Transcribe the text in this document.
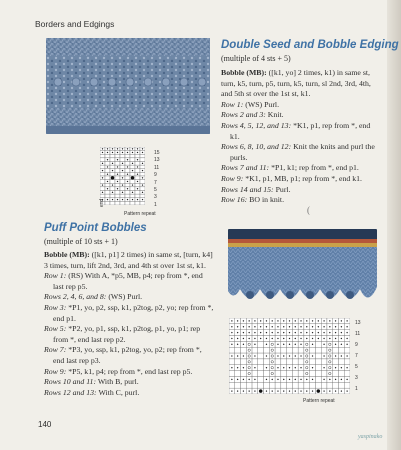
Borders and Edgings
15
13
11
9
7
5
3
1
end
Pattern repeat
Double Seed and Bobble Edging
(multiple of 4 sts + 5)

Bobble (MB): ([k1, yo] 2 times, k1) in same st, turn, k5, turn, p5, turn, k5, turn, sl 2nd, 3rd, 4th, and 5th st over the 1st st, k1.

Row 1: (WS) Purl.

Rows 2 and 3: Knit.

Rows 4, 5, 12, and 13: *K1, p1, rep from *, end k1.

Rows 6, 8, 10, and 12: Knit the knits and purl the purls.

Rows 7 and 11: *P1, k1; rep from *, end p1.

Row 9: *K1, p1, MB, p1; rep from *, end k1.

Rows 14 and 15: Purl.

Row 16: BO in knit.

Puff Point Bobbles
(multiple of 10 sts + 1)

Bobble (MB): ([k1, p1] 2 times) in same st, [turn, k4] 3 times, turn, lift 2nd, 3rd, and 4th st over 1st st, k1.

Row 1: (RS) With A, *p5, MB, p4; rep from *, end last rep p5.

Rows 2, 4, 6, and 8: (WS) Purl.

Row 3: *P1, yo, p2, ssp, k1, p2tog, p2, yo; rep from *, end p1.

Row 5: *P2, yo, p1, ssp, k1, p2tog, p1, yo, p1; rep from *, end last rep p2.

Row 7: *P3, yo, ssp, k1, p2tog, yo, p2; rep from *, end last rep p3.

Row 9: *P5, k1, p4; rep from *, end last rep p5.

Rows 10 and 11: With B, purl.

Rows 12 and 13: With C, purl.

13
11
9
7
5
3
1
Pattern repeat
(
140
yaspinako
